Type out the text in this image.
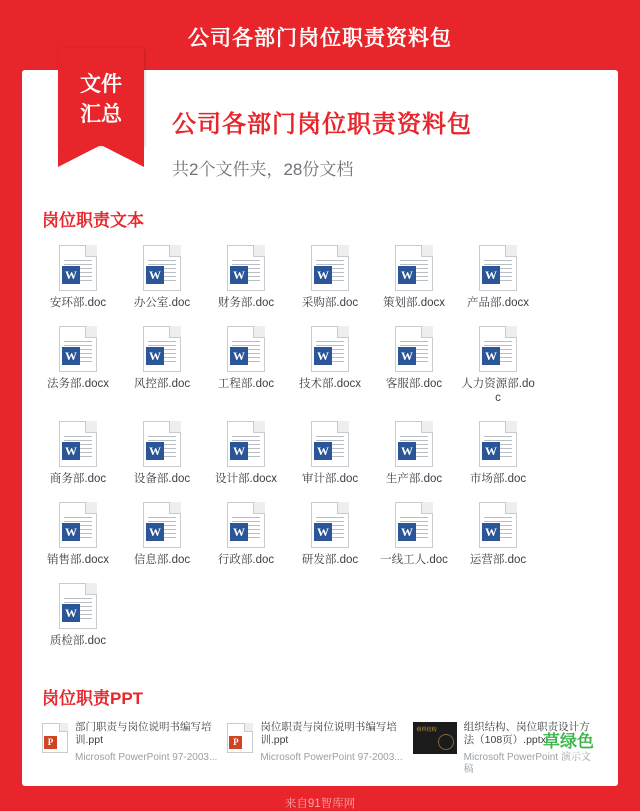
公司各部门岗位职责资料包
文件
汇总	公司各部门岗位职责资料包
共2个文件夹，28份文档
岗位职责文本
W
安环部.doc
W
办公室.doc
W
财务部.doc
W
采购部.doc
W
策划部.docx
W
产品部.docx
W
法务部.docx
W
风控部.doc
W
工程部.doc
W
技术部.docx
W
客服部.doc
W
人力资源部.doc
W
商务部.doc
W
设备部.doc
W
设计部.docx
W
审计部.doc
W
生产部.doc
W
市场部.doc
W
销售部.docx
W
信息部.doc
W
行政部.doc
W
研发部.doc
W
一线工人.doc
W
运营部.doc
W
质检部.doc
岗位职责PPT
P
部门职责与岗位说明书编写培训.ppt
Microsoft PowerPoint 97-2003...
P
岗位职责与岗位说明书编写培训.ppt
Microsoft PowerPoint 97-2003...
组织结构	组织结构、岗位职责设计方法（108页）.pptx
Microsoft PowerPoint 演示文稿
草绿色
来自91智库网
